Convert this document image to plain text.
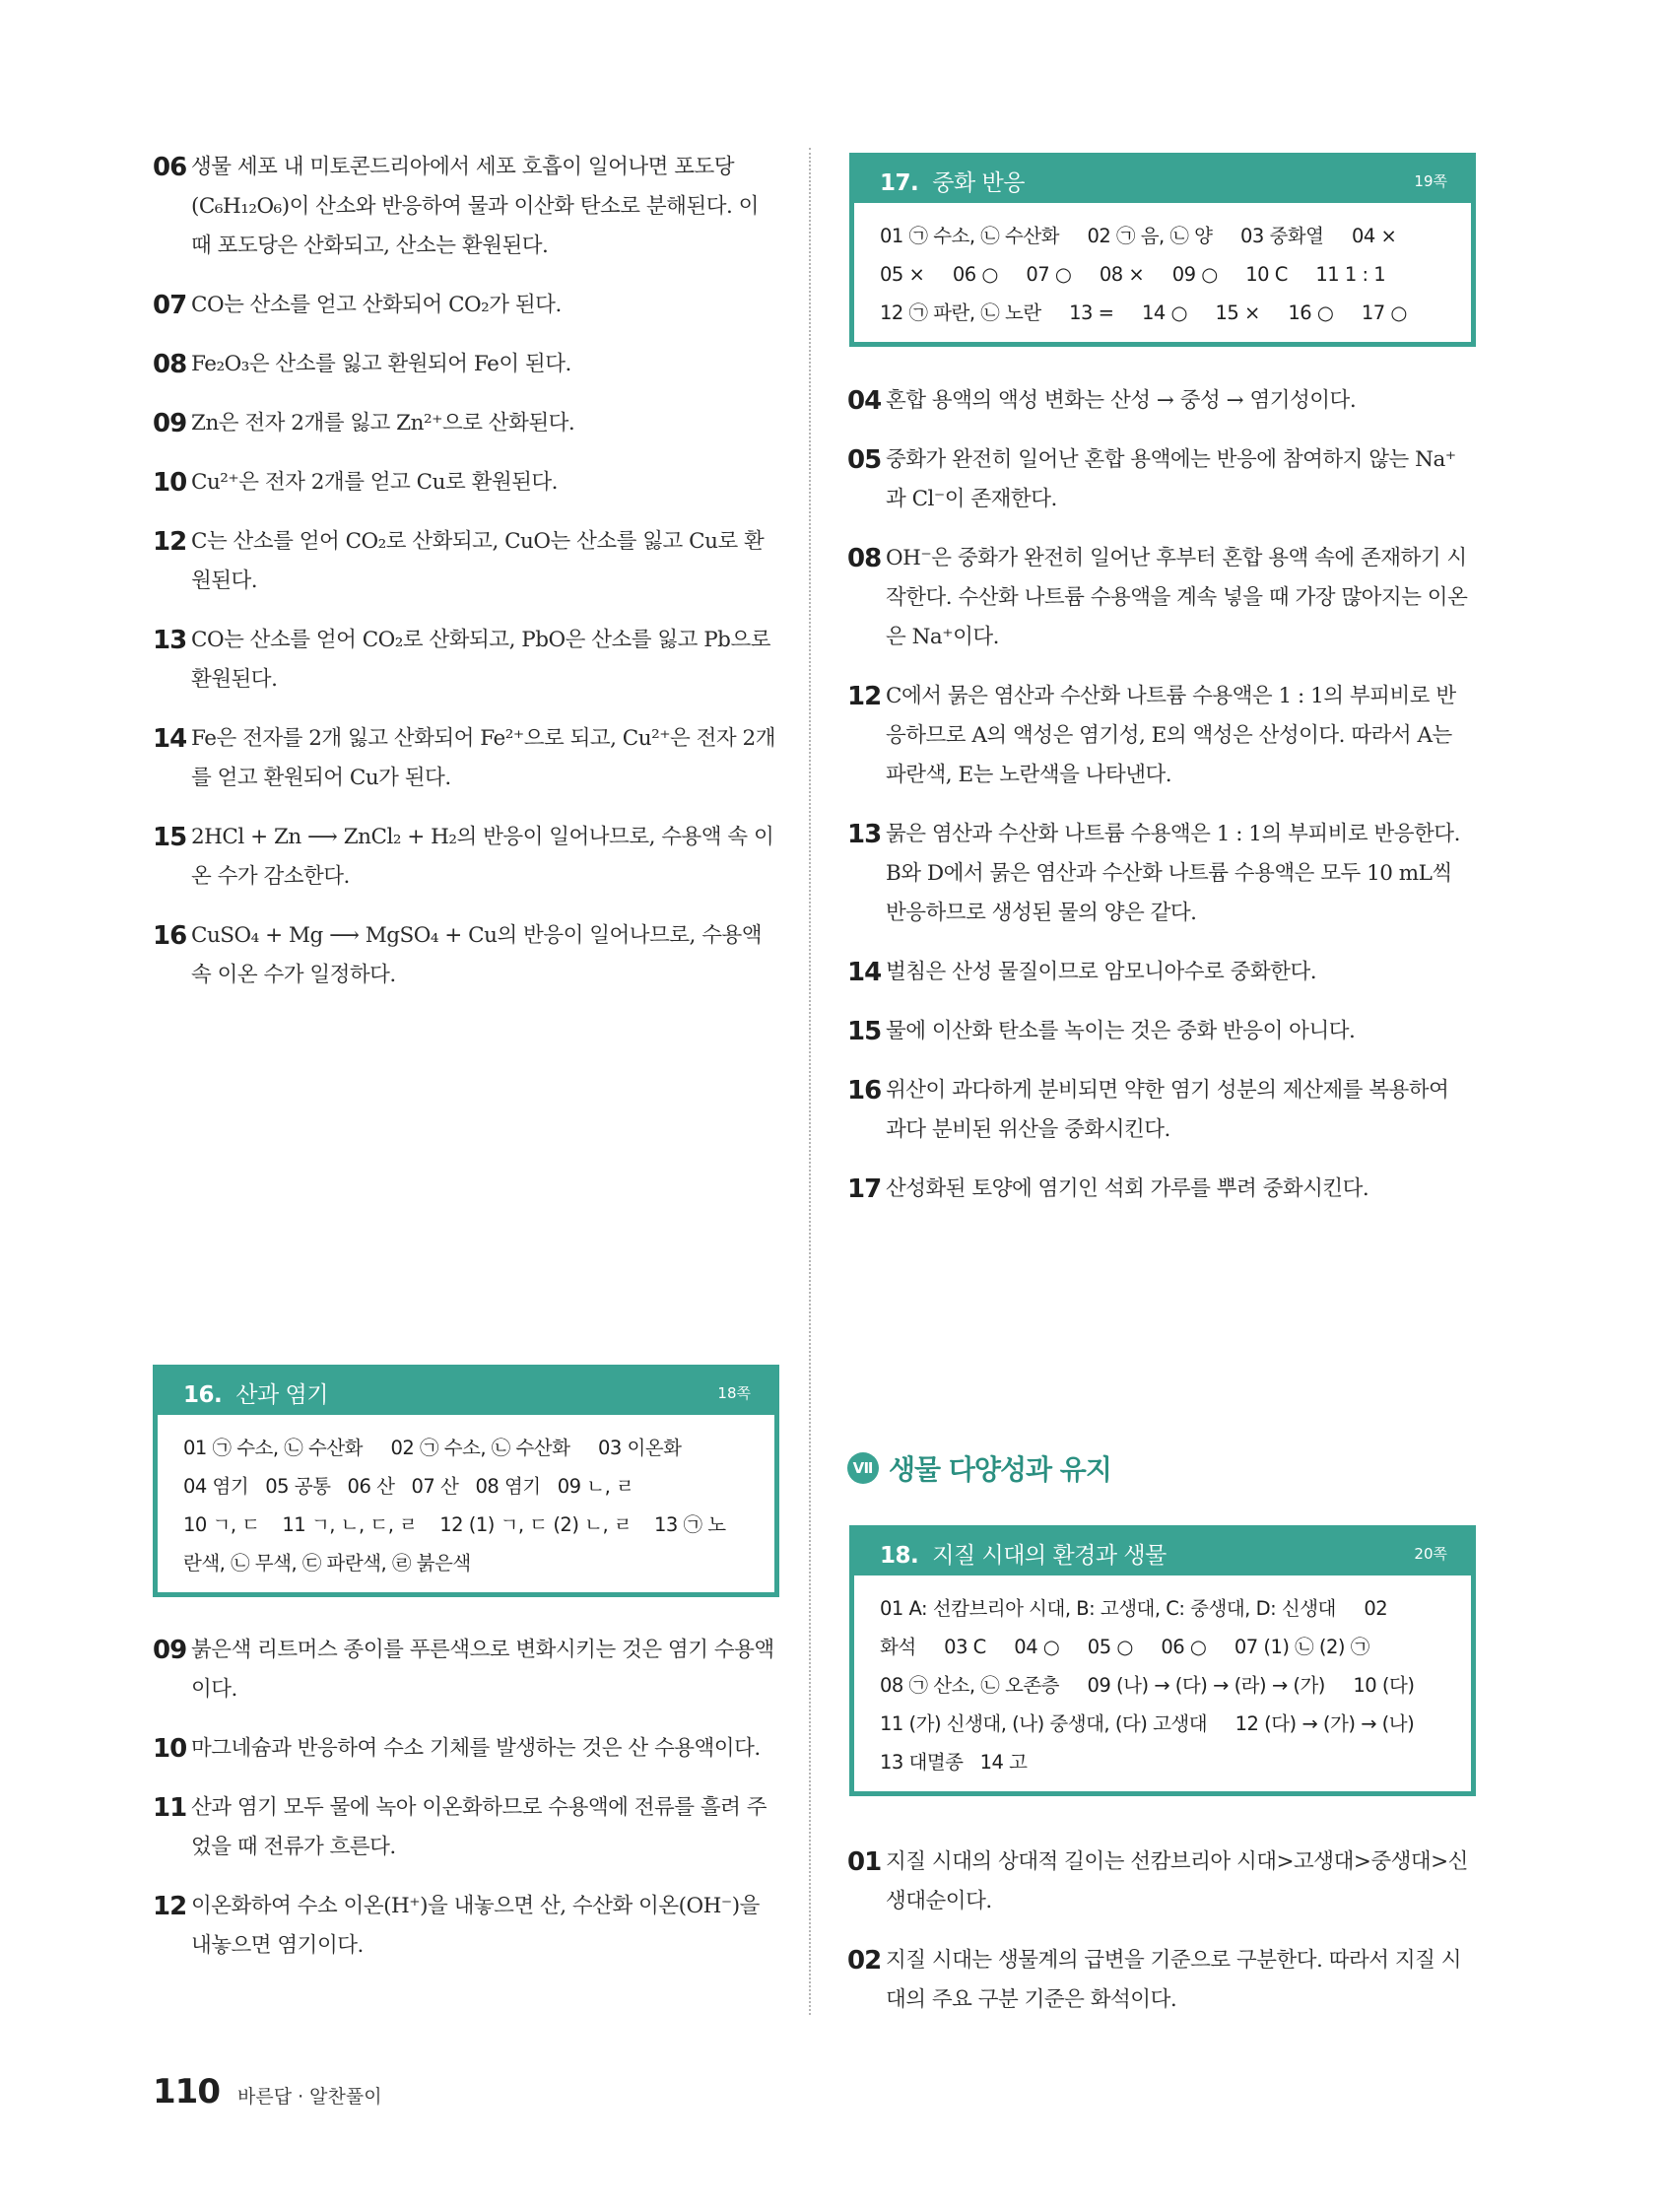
06 생물 세포 내 미토콘드리아에서 세포 호흡이 일어나면 포도당(C₆H₁₂O₆)이 산소와 반응하여 물과 이산화 탄소로 분해된다. 이때 포도당은 산화되고, 산소는 환원된다.
07 CO는 산소를 얻고 산화되어 CO₂가 된다.
08 Fe₂O₃은 산소를 잃고 환원되어 Fe이 된다.
09 Zn은 전자 2개를 잃고 Zn²⁺으로 산화된다.
10 Cu²⁺은 전자 2개를 얻고 Cu로 환원된다.
12 C는 산소를 얻어 CO₂로 산화되고, CuO는 산소를 잃고 Cu로 환원된다.
13 CO는 산소를 얻어 CO₂로 산화되고, PbO은 산소를 잃고 Pb으로 환원된다.
14 Fe은 전자를 2개 잃고 산화되어 Fe²⁺으로 되고, Cu²⁺은 전자 2개를 얻고 환원되어 Cu가 된다.
15 2HCl + Zn ⟶ ZnCl₂ + H₂의 반응이 일어나므로, 수용액 속 이온 수가 감소한다.
16 CuSO₄ + Mg ⟶ MgSO₄ + Cu의 반응이 일어나므로, 수용액 속 이온 수가 일정하다.
16. 산과 염기	18쪽
01 ㉠ 수소, ㉡ 수산화     02 ㉠ 수소, ㉡ 수산화     03 이온화
04 염기   05 공통   06 산   07 산   08 염기   09 ㄴ, ㄹ
10 ㄱ, ㄷ    11 ㄱ, ㄴ, ㄷ, ㄹ    12 (1) ㄱ, ㄷ (2) ㄴ, ㄹ    13 ㉠ 노
란색, ㉡ 무색, ㉢ 파란색, ㉣ 붉은색
09 붉은색 리트머스 종이를 푸른색으로 변화시키는 것은 염기 수용액이다.
10 마그네슘과 반응하여 수소 기체를 발생하는 것은 산 수용액이다.
11 산과 염기 모두 물에 녹아 이온화하므로 수용액에 전류를 흘려 주었을 때 전류가 흐른다.
12 이온화하여 수소 이온(H⁺)을 내놓으면 산, 수산화 이온(OH⁻)을 내놓으면 염기이다.
17. 중화 반응	19쪽
01 ㉠ 수소, ㉡ 수산화     02 ㉠ 음, ㉡ 양     03 중화열     04 ×
05 ×     06 ○     07 ○     08 ×     09 ○     10 C     11 1 : 1
12 ㉠ 파란, ㉡ 노란     13 =     14 ○     15 ×     16 ○     17 ○
04 혼합 용액의 액성 변화는 산성 → 중성 → 염기성이다.
05 중화가 완전히 일어난 혼합 용액에는 반응에 참여하지 않는 Na⁺과 Cl⁻이 존재한다.
08 OH⁻은 중화가 완전히 일어난 후부터 혼합 용액 속에 존재하기 시작한다. 수산화 나트륨 수용액을 계속 넣을 때 가장 많아지는 이온은 Na⁺이다.
12 C에서 묽은 염산과 수산화 나트륨 수용액은 1 : 1의 부피비로 반응하므로 A의 액성은 염기성, E의 액성은 산성이다. 따라서 A는 파란색, E는 노란색을 나타낸다.
13 묽은 염산과 수산화 나트륨 수용액은 1 : 1의 부피비로 반응한다. B와 D에서 묽은 염산과 수산화 나트륨 수용액은 모두 10 mL씩 반응하므로 생성된 물의 양은 같다.
14 벌침은 산성 물질이므로 암모니아수로 중화한다.
15 물에 이산화 탄소를 녹이는 것은 중화 반응이 아니다.
16 위산이 과다하게 분비되면 약한 염기 성분의 제산제를 복용하여 과다 분비된 위산을 중화시킨다.
17 산성화된 토양에 염기인 석회 가루를 뿌려 중화시킨다.
Ⅶ 생물 다양성과 유지
18. 지질 시대의 환경과 생물	20쪽
01 A: 선캄브리아 시대, B: 고생대, C: 중생대, D: 신생대     02
화석     03 C     04 ○     05 ○     06 ○     07 (1) ㉡ (2) ㉠
08 ㉠ 산소, ㉡ 오존층     09 (나) → (다) → (라) → (가)     10 (다)
11 (가) 신생대, (나) 중생대, (다) 고생대     12 (다) → (가) → (나)
13 대멸종   14 고
01 지질 시대의 상대적 길이는 선캄브리아 시대>고생대>중생대>신생대순이다.
02 지질 시대는 생물계의 급변을 기준으로 구분한다. 따라서 지질 시대의 주요 구분 기준은 화석이다.
110 바른답 · 알찬풀이
